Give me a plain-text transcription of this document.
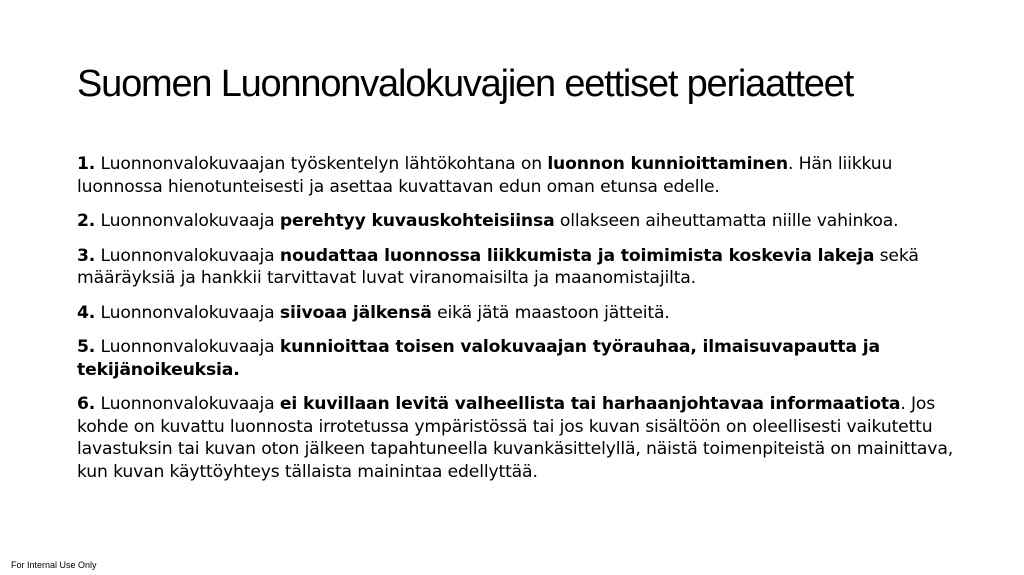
Suomen Luonnonvalokuvajien eettiset periaatteet
1. Luonnonvalokuvaajan työskentelyn lähtökohtana on luonnon kunnioittaminen. Hän liikkuu luonnossa hienotunteisesti ja asettaa kuvattavan edun oman etunsa edelle.
2. Luonnonvalokuvaaja perehtyy kuvauskohteisiinsa ollakseen aiheuttamatta niille vahinkoa.
3. Luonnonvalokuvaaja noudattaa luonnossa liikkumista ja toimimista koskevia lakeja sekä määräyksiä ja hankkii tarvittavat luvat viranomaisilta ja maanomistajilta.
4. Luonnonvalokuvaaja siivoaa jälkensä eikä jätä maastoon jätteitä.
5. Luonnonvalokuvaaja kunnioittaa toisen valokuvaajan työrauhaa, ilmaisuvapautta ja tekijänoikeuksia.
6. Luonnonvalokuvaaja ei kuvillaan levitä valheellista tai harhaanjohtavaa informaatiota. Jos kohde on kuvattu luonnosta irrotetussa ympäristössä tai jos kuvan sisältöön on oleellisesti vaikutettu lavastuksin tai kuvan oton jälkeen tapahtuneella kuvankäsittelyllä, näistä toimenpiteistä on mainittava, kun kuvan käyttöyhteys tällaista mainintaa edellyttää.
For Internal Use Only
